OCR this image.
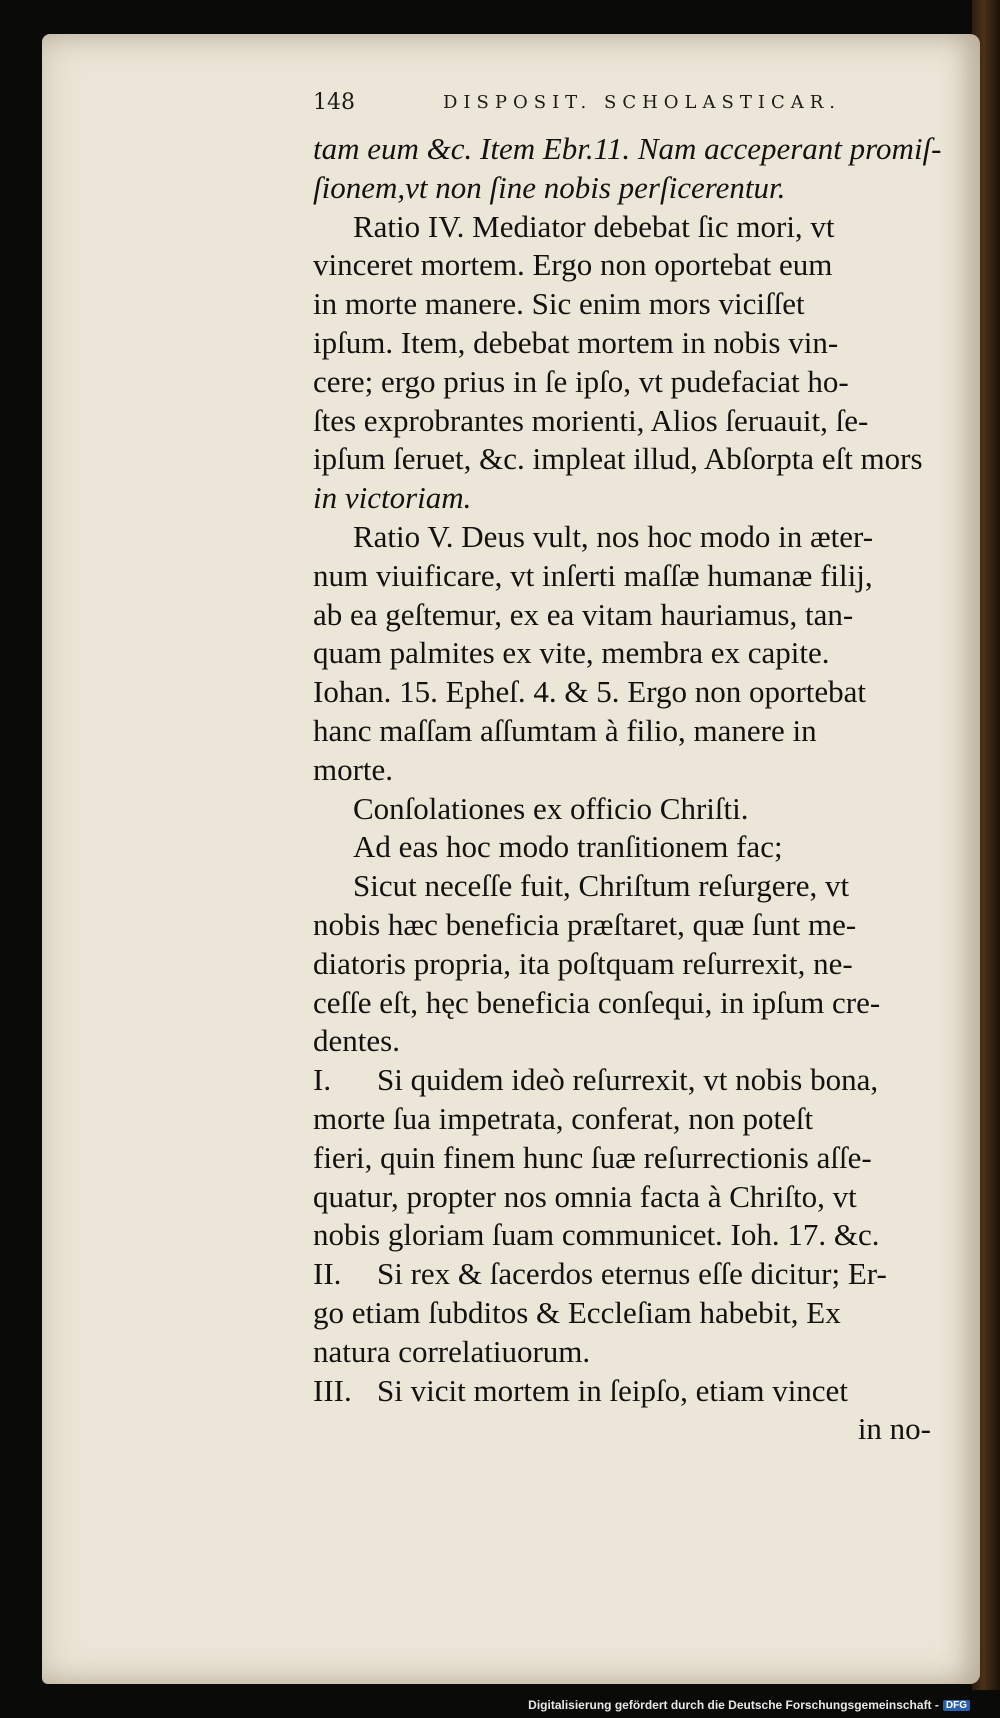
148	DISPOSIT. SCHOLASTICAR.
tam eum &c. Item Ebr.11. Nam acceperant promiſ-
ſionem,vt non ſine nobis perſicerentur.
Ratio IV. Mediator debebat ſic mori, vt
vinceret mortem. Ergo non oportebat eum
in morte manere. Sic enim mors viciſſet
ipſum. Item, debebat mortem in nobis vin-
cere; ergo prius in ſe ipſo, vt pudefaciat ho-
ſtes exprobrantes morienti, Alios ſeruauit, ſe-
ipſum ſeruet, &c. impleat illud, Abſorpta eſt mors
in victoriam.
Ratio V. Deus vult, nos hoc modo in æter-
num viuificare, vt inſerti maſſæ humanæ filij,
ab ea geſtemur, ex ea vitam hauriamus, tan-
quam palmites ex vite, membra ex capite.
Iohan. 15. Epheſ. 4. & 5. Ergo non oportebat
hanc maſſam aſſumtam à filio, manere in
morte.
Conſolationes ex officio Chriſti.
Ad eas hoc modo tranſitionem fac;
Sicut neceſſe fuit, Chriſtum reſurgere, vt
nobis hæc beneficia præſtaret, quæ ſunt me-
diatoris propria, ita poſtquam reſurrexit, ne-
ceſſe eſt, hęc beneficia conſequi, in ipſum cre-
dentes.
I.	Si quidem ideò reſurrexit, vt nobis bona,
morte ſua impetrata, conferat, non poteſt
fieri, quin finem hunc ſuæ reſurrectionis aſſe-
quatur, propter nos omnia facta à Chriſto, vt
nobis gloriam ſuam communicet. Ioh. 17. &c.
II.	Si rex & ſacerdos eternus eſſe dicitur; Er-
go etiam ſubditos & Eccleſiam habebit, Ex
natura correlatiuorum.
III. Si vicit mortem in ſeipſo, etiam vincet
in no-
Digitalisierung gefördert durch die Deutsche Forschungsgemeinschaft - DFG
